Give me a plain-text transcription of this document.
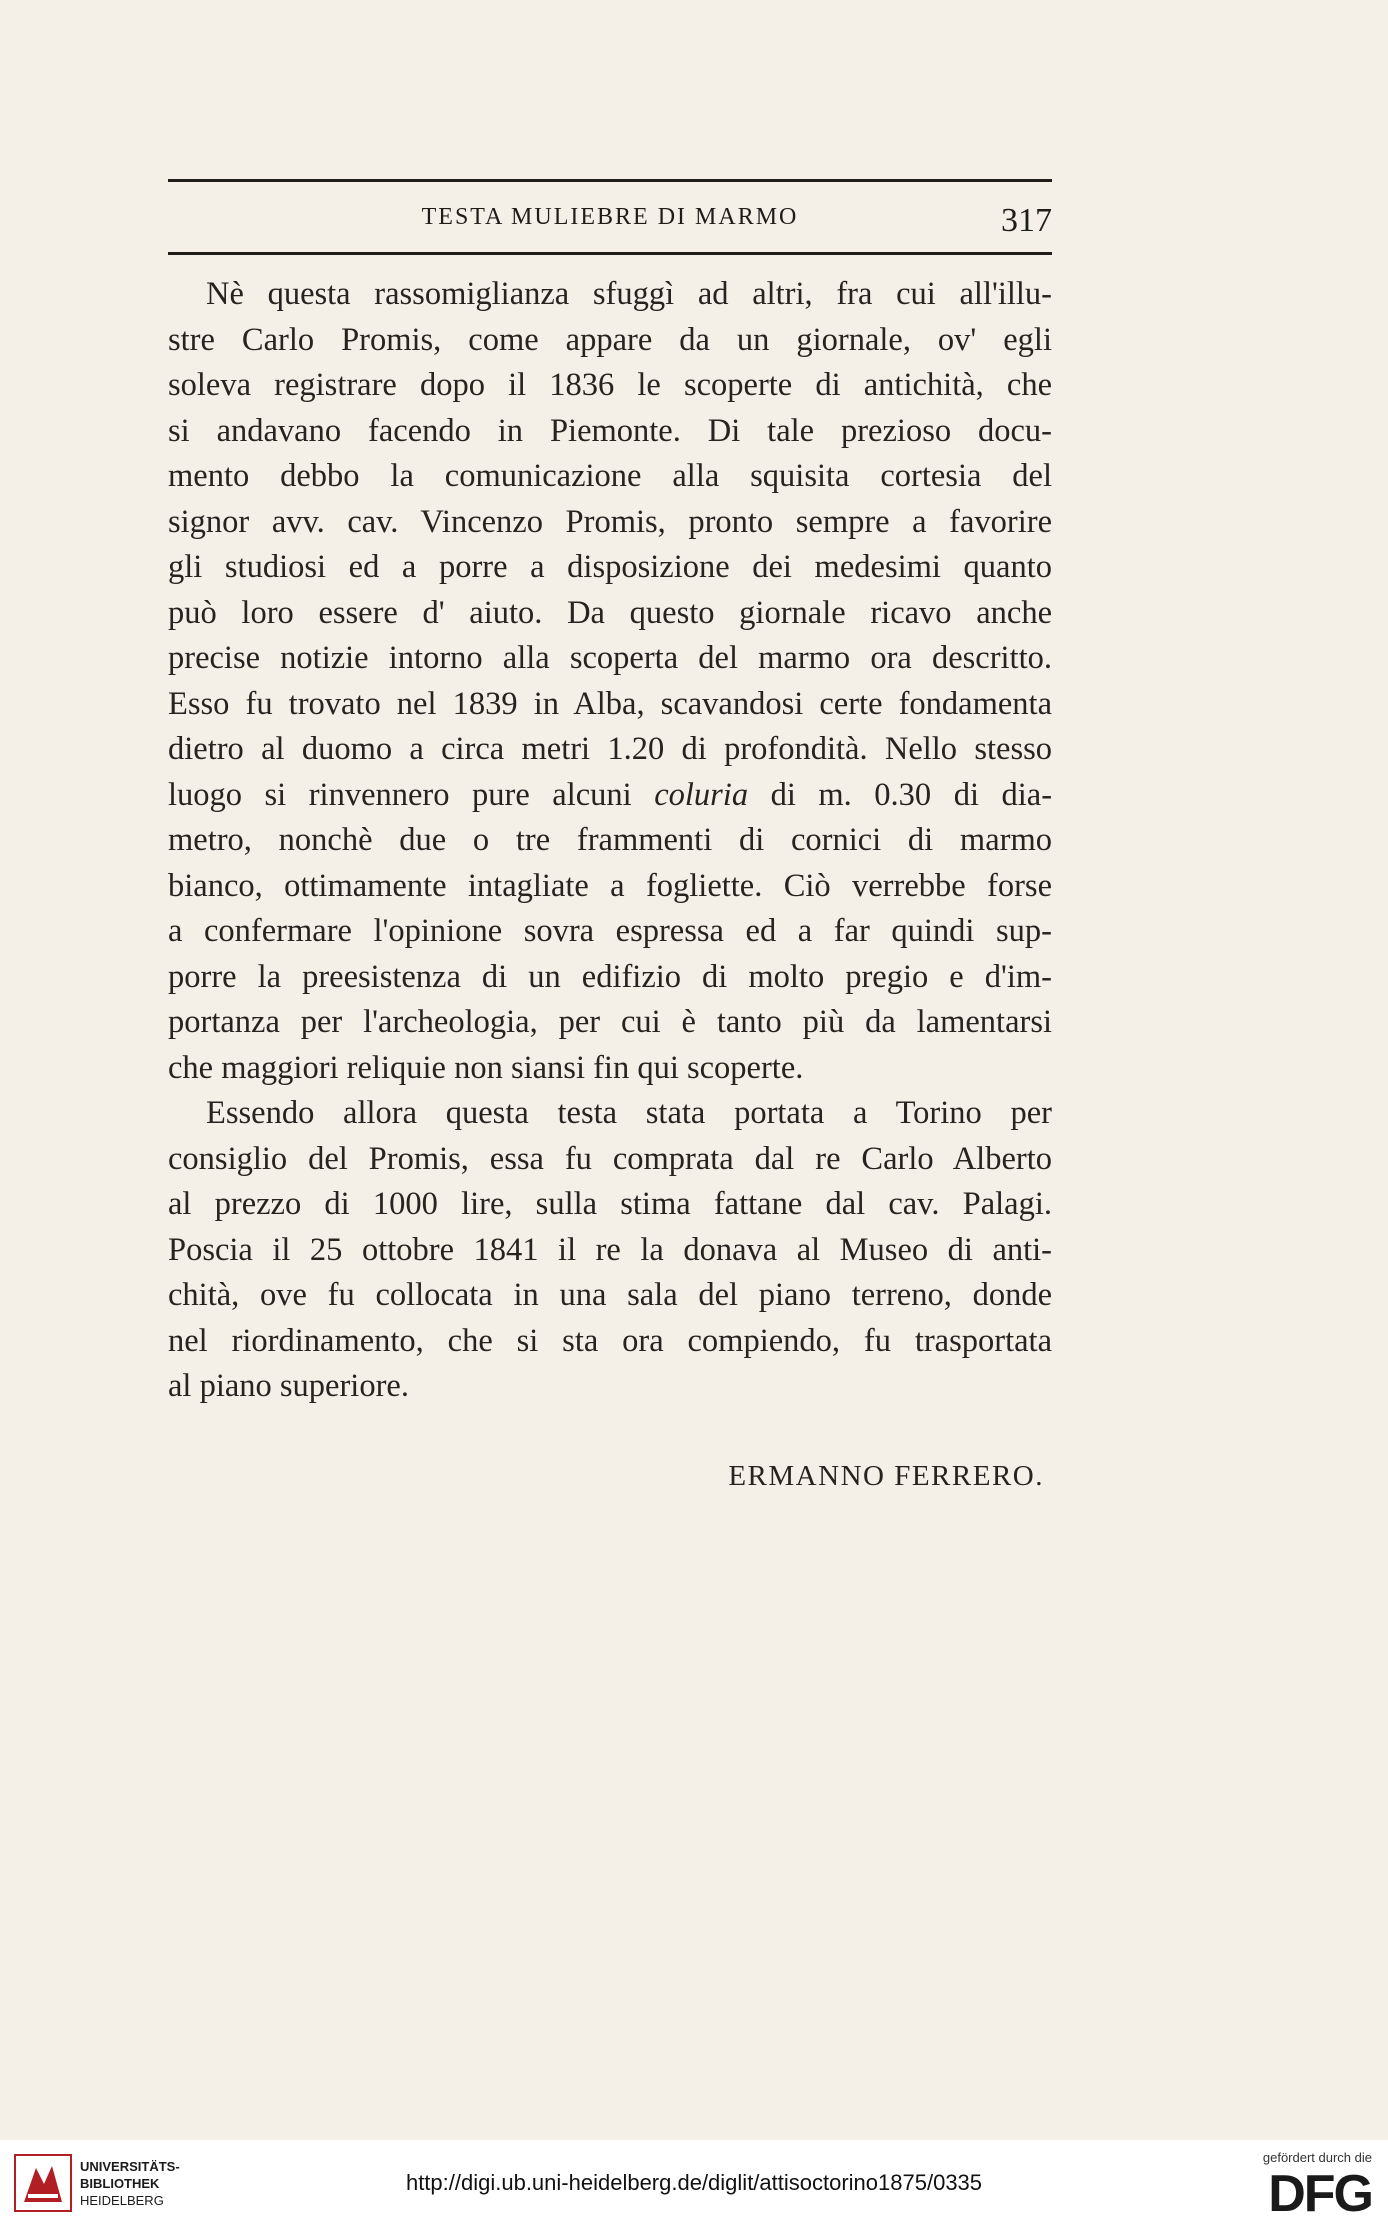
TESTA MULIEBRE DI MARMO	317
Nè questa rassomiglianza sfuggì ad altri, fra cui all'illu-
stre Carlo Promis, come appare da un giornale, ov' egli
soleva registrare dopo il 1836 le scoperte di antichità, che
si andavano facendo in Piemonte. Di tale prezioso docu-
mento debbo la comunicazione alla squisita cortesia del
signor avv. cav. Vincenzo Promis, pronto sempre a favorire
gli studiosi ed a porre a disposizione dei medesimi quanto
può loro essere d' aiuto. Da questo giornale ricavo anche
precise notizie intorno alla scoperta del marmo ora descritto.
Esso fu trovato nel 1839 in Alba, scavandosi certe fondamenta
dietro al duomo a circa metri 1.20 di profondità. Nello stesso
luogo si rinvennero pure alcuni coluria di m. 0.30 di dia-
metro, nonchè due o tre frammenti di cornici di marmo
bianco, ottimamente intagliate a fogliette. Ciò verrebbe forse
a confermare l'opinione sovra espressa ed a far quindi sup-
porre la preesistenza di un edifizio di molto pregio e d'im-
portanza per l'archeologia, per cui è tanto più da lamentarsi
che maggiori reliquie non siansi fin qui scoperte.
Essendo allora questa testa stata portata a Torino per
consiglio del Promis, essa fu comprata dal re Carlo Alberto
al prezzo di 1000 lire, sulla stima fattane dal cav. Palagi.
Poscia il 25 ottobre 1841 il re la donava al Museo di anti-
chità, ove fu collocata in una sala del piano terreno, donde
nel riordinamento, che si sta ora compiendo, fu trasportata
al piano superiore.
ERMANNO FERRERO.
UNIVERSITÄTS-
BIBLIOTHEK
HEIDELBERG
http://digi.ub.uni-heidelberg.de/diglit/attisoctorino1875/0335
gefördert durch die
DFG
